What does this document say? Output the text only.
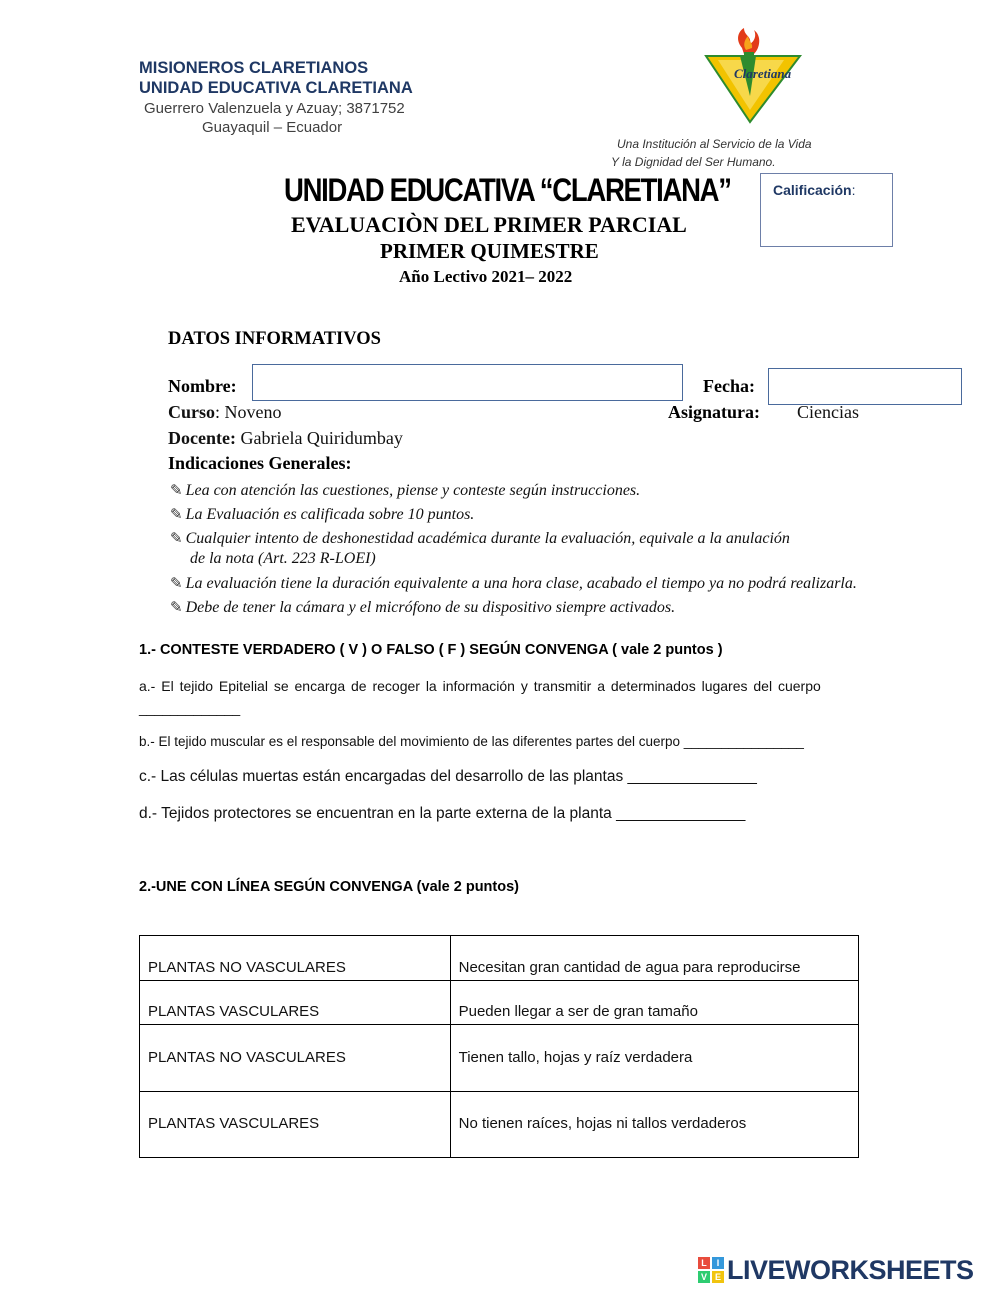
MISIONEROS CLARETIANOS
UNIDAD EDUCATIVA CLARETIANA
Guerrero Valenzuela y Azuay; 3871752
Guayaquil – Ecuador
Claretiana
Una Institución al Servicio de la Vida
Y la Dignidad del Ser Humano.
UNIDAD EDUCATIVA “CLARETIANA”
EVALUACIÒN DEL PRIMER PARCIAL
PRIMER QUIMESTRE
Año Lectivo 2021– 2022
Calificación:
DATOS INFORMATIVOS
Nombre:	Fecha:
Curso: Noveno	Asignatura: Ciencias
Docente: Gabriela Quiridumbay
Indicaciones Generales:
✎ Lea con atención las cuestiones, piense y conteste según instrucciones.
✎ La Evaluación es calificada sobre 10 puntos.
✎ Cualquier intento de deshonestidad académica durante la evaluación, equivale a la anulación
de la nota (Art. 223 R-LOEI)
✎ La evaluación tiene la duración equivalente a una hora clase, acabado el tiempo ya no podrá realizarla.
✎ Debe de tener la cámara y el micrófono de su dispositivo siempre activados.
1.- CONTESTE VERDADERO ( V ) O FALSO ( F ) SEGÚN CONVENGA ( vale 2 puntos )
a.- El tejido Epitelial se encarga de recoger la información y transmitir a determinados lugares del cuerpo
_____________
b.- El tejido muscular es el responsable del movimiento de las diferentes partes del cuerpo ________________
c.- Las células muertas están encargadas del desarrollo de las plantas _______________
d.- Tejidos protectores se encuentran en la parte externa de la planta _______________
2.-UNE CON LÍNEA SEGÚN CONVENGA (vale 2 puntos)
PLANTAS NO VASCULARES	Necesitan gran cantidad de agua para reproducirse
PLANTAS VASCULARES	Pueden llegar a ser de gran tamaño
PLANTAS NO VASCULARES	Tienen tallo, hojas y raíz verdadera
PLANTAS VASCULARES	No tienen raíces, hojas ni tallos verdaderos
L	I
V E LIVEWORKSHEETS
